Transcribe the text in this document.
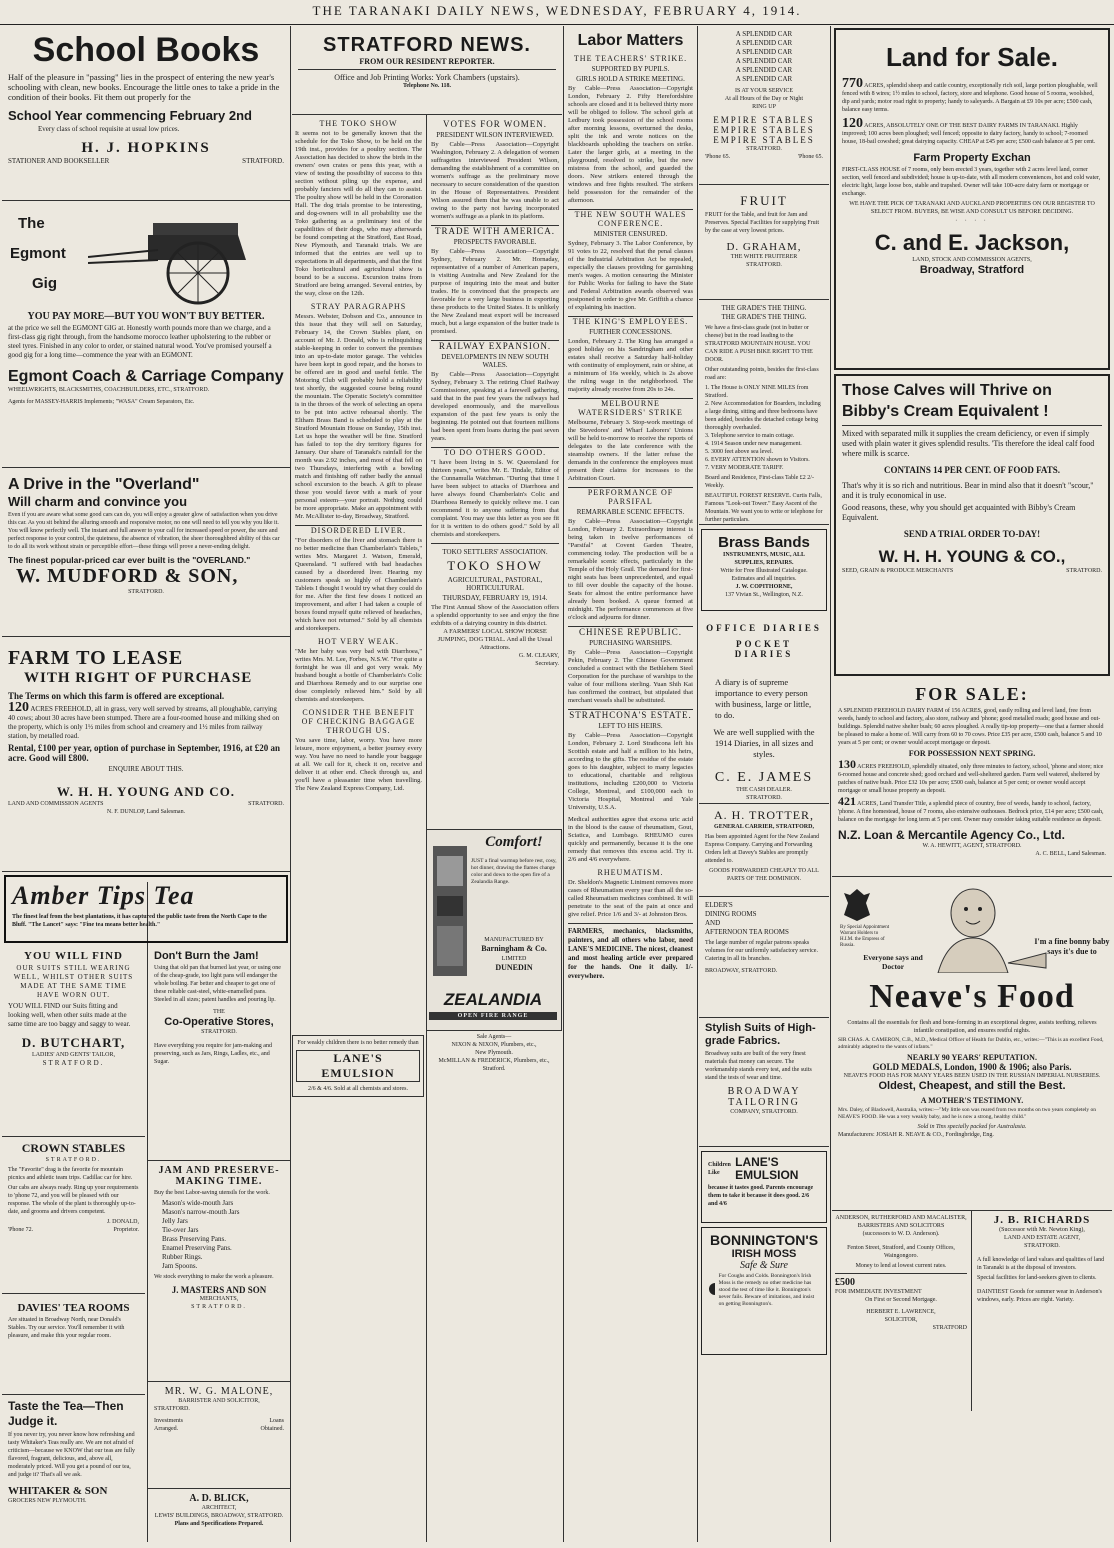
THE TARANAKI DAILY NEWS, WEDNESDAY, FEBRUARY 4, 1914.
School Books

Half of the pleasure in "passing" lies in the prospect of entering the new year's schooling with clean, new books. Encourage the little ones to take a pride in the condition of their books. Fit them out properly for the

School Year commencing February 2nd

Every class of school requisite at usual low prices.

H. J. HOPKINS
STATIONER AND BOOKSELLER	STRATFORD.
The
Egmont
Gig
YOU PAY MORE—BUT YOU WON'T BUY BETTER.

at the price we sell the EGMONT GIG at. Honestly worth pounds more than we charge, and a first-class gig right through, from the handsome morocco leather upholstering to the rubber or steel tyres. Finished in any color to order, or stained natural wood. You've promised yourself a good gig for a long time—commence the year with an EGMONT.

Egmont Coach & Carriage Company
WHEELWRIGHTS, BLACKSMITHS, COACHBUILDERS, ETC., STRATFORD.

Agents for MASSEY-HARRIS Implements; "WASA" Cream Separators, Etc.

A Drive in the "Overland"
Will charm and convince you

Even if you are aware what some good cars can do, you will enjoy a greater glow of satisfaction when you drive this car. As you sit behind the alluring smooth and responsive motor, no one will need to tell you why you like it. You will know perfectly well. The instant and full answer to your call for increased speed or power, the sure and perfect response to your control, the quietness, the absence of vibration, the sheer thoroughbred ability of this car to do all its work without strain or perceptible effort—these things will prove a never-ending delight.

The finest popular-priced car ever built is the "OVERLAND."
W. MUDFORD & SON,
STRATFORD.
FARM TO LEASE
WITH RIGHT OF PURCHASE
The Terms on which this farm is offered are exceptional.

120 ACRES FREEHOLD, all in grass, very well served by streams, all ploughable, carrying 40 cows; about 30 acres have been stumped. There are a four-roomed house and milking shed on the property, which is only 1½ miles from school and creamery and 1½ miles from railway station, by metalled road.

Rental, £100 per year, option of purchase in September, 1916, at £20 an acre. Good will £800.
ENQUIRE ABOUT THIS.
W. H. H. YOUNG AND CO.
LAND AND COMMISSION AGENTS	STRATFORD.
N. F. DUNLOP, Land Salesman.
Amber Tips Tea

The finest leaf from the best plantations, it has captured the public taste from the North Cape to the Bluff. "The Lancet" says: "Fine tea means better health."

YOU WILL FIND

OUR SUITS STILL WEARING WELL, WHILST OTHER SUITS MADE AT THE SAME TIME HAVE WORN OUT.

YOU WILL FIND our Suits fitting and looking well, when other suits made at the same time are too baggy and saggy to wear.

D. BUTCHART,
LADIES' AND GENTS' TAILOR,
STRATFORD.
CROWN STABLES
STRATFORD.

The "Favorite" drag is the favorite for mountain picnics and athletic team trips. Cadillac car for hire.

Our cabs are always ready. Ring up your requirements to 'phone 72, and you will be pleased with our response. The whole of the plant is thoroughly up-to-date, and grooms and drivers competent.

J. DONALD,
'Phone 72.	Proprietor.
DAVIES' TEA ROOMS

Are situated in Broadway North, near Donald's Stables. Try our service. You'll remember it with pleasure, and make this your regular room.

Taste the Tea—Then Judge it.

If you never try, you never know how refreshing and tasty Whitaker's Teas really are. We are not afraid of criticism—because we KNOW that our teas are fully flavored, fragrant, delicious, and, above all, moderately priced. Will you get a pound of our tea, and judge it? That's all we ask.

WHITAKER & SON
GROCERS NEW PLYMOUTH.
Don't Burn the Jam!

Using that old pan that burned last year, or using one of the cheap-grade, too light pans will endanger the whole boiling. Far better and cheaper to get one of these reliable cast-steel, white-enamelled pans. Steeled in all sizes; patent handles and pouring lip.

THE
Co-Operative Stores,
STRATFORD.

Have everything you require for jam-making and preserving, such as Jars, Rings, Ladles, etc., and Sugar.

JAM AND PRESERVE-MAKING TIME.

Buy the best Labor-saving utensils for the work.

Mason's wide-mouth Jars
Mason's narrow-mouth Jars
Jelly Jars
Tie-over Jars
Brass Preserving Pans.
Enamel Preserving Pans.
Rubber Rings.
Jam Spoons.

We stock everything to make the work a pleasure.

J. MASTERS AND SON
MERCHANTS,
STRATFORD.
MR. W. G. MALONE,
BARRISTER AND SOLICITOR,
STRATFORD.
Investments	Loans
Arranged.	Obtained.
A. D. BLICK,
ARCHITECT,
LEWIS' BUILDINGS, BROADWAY, STRATFORD.
Plans and Specifications Prepared.
STRATFORD NEWS.
FROM OUR RESIDENT REPORTER.
Office and Job Printing Works: York Chambers (upstairs).
Telephone No. 118.
THE TOKO SHOW

It seems not to be generally known that the schedule for the Toko Show, to be held on the 19th inst., provides for a poultry section. The Association has decided to show the birds in the owners' own crates or pens this year, with a view of testing the possibility of success to this section without piling up the expense, and probably fanciers will do all they can to assist. The poultry show will be held in the Coronation Hall. The dog trials promise to be interesting, and dog-owners will in all probability use the Toko gathering as a preliminary test of the capabilities of their dogs, who may afterwards be found competing at the Stratford, East Road, New Plymouth, and Taranaki trials. We are informed that the entries are well up to expectations in all departments, and that the first Toko horticultural and agricultural show is bound to be a success. Excursion trains from Stratford are being arranged. Several entries, by the way, close on the 12th.

STRAY PARAGRAPHS

Messrs. Webster, Dobson and Co., announce in this issue that they will sell on Saturday, February 14, the Crown Stables plant, on account of Mr. J. Donald, who is relinquishing stable-keeping in order to convert the premises into an up-to-date motor garage. The vehicles have been kept in good repair, and the horses to be offered are in good and useful fettle. The Motoring Club will probably hold a reliability test shortly, the suggested course being round the mountain. The Operatic Society's committee is in the throes of the work of selecting an opera to be put into active rehearsal shortly. The Eltham Brass Band is scheduled to play at the Stratford Mountain House on Sunday, 15th inst. Let us hope the weather will be fine. Stratford has failed to top the dry territory figures for January. Our share of Taranaki's rainfall for the month was 2.92 inches, and most of that fell on two Thursdays, interfering with a bowling match and finishing off rather badly the annual school excursion to the beach. A gift to please those you would favor with a mark of your personal esteem—your portrait. Nothing could be more appropriate. Make an appointment with Mr. McAllister to-day, Broadway, Stratford.

DISORDERED LIVER.

"For disorders of the liver and stomach there is no better medicine than Chamberlain's Tablets," writes Mrs. Margaret J. Watson, Emerald, Queensland. "I suffered with bad headaches caused by a disordered liver. Hearing my customers speak so highly of Chamberlain's Tablets I thought I would try what they could do for me. After the first few doses I noticed an improvement, and after I had taken a couple of boxes found myself quite relieved of headaches, which have not returned." Sold by all chemists and storekeepers.

HOT VERY WEAK.

"Me her baby was very bad with Diarrhoea," writes Mrs. M. Lee, Forbes, N.S.W. "For quite a fortnight he was ill and got very weak. My husband bought a bottle of Chamberlain's Colic and Diarrhoea Remedy and to our surprise one dose completely relieved him." Sold by all chemists and storekeepers.

CONSIDER THE BENEFIT OF CHECKING BAGGAGE THROUGH US.

You save time, labor, worry. You have more leisure, more enjoyment, a better journey every way. You have no need to handle your baggage at all. We call for it, check it on, receive and deliver it at other end. Check through us, and you'll have a pleasanter time when travelling. The New Zealand Express Company, Ltd.

VOTES FOR WOMEN.
PRESIDENT WILSON INTERVIEWED.

By Cable—Press Association—Copyright Washington, February 2. A delegation of women suffragettes interviewed President Wilson, demanding the establishment of a committee on women's suffrage as the preliminary move necessary to secure consideration of the question in the House of Representatives. President Wilson assured them that he was unable to act owing to the party not having incorporated women's suffrage as a plank in its platform.

TRADE WITH AMERICA.
PROSPECTS FAVORABLE.

By Cable—Press Association—Copyright Sydney, February 2. Mr. Hornaday, representative of a number of American papers, is visiting Australia and New Zealand for the purpose of inquiring into the meat and butter trades. He is convinced that the prospects are favorable for a very large business in exporting these products to the United States. It is unlikely the New Zealand meat export will be increased much, but a large expansion of the butter trade is promised.

RAILWAY EXPANSION.
DEVELOPMENTS IN NEW SOUTH WALES.

By Cable—Press Association—Copyright Sydney, February 3. The retiring Chief Railway Commissioner, speaking at a farewell gathering, said that in the past few years the railways had developed enormously, and the marvellous expansion of the past few years is only the beginning. He pointed out that fourteen millions had been spent from loans during the past seven years.

TO DO OTHERS GOOD.

"I have been living in S. W. Queensland for thirteen years," writes Mr. E. Tindale, Editor of the Cunnamulla Watchman. "During that time I have been subject to attacks of Diarrhoea and have always found Chamberlain's Colic and Diarrhoea Remedy to quickly relieve me. I can recommend it to anyone suffering from that complaint. You may use this letter as you see fit for it is written to do others good." Sold by all chemists and storekeepers.

TOKO SETTLERS' ASSOCIATION.
TOKO SHOW
AGRICULTURAL, PASTORAL, HORTICULTURAL
THURSDAY, FEBRUARY 19, 1914.

The First Annual Show of the Association offers a splendid opportunity to see and enjoy the fine exhibits of a dairying country in this district.

A FARMERS' LOCAL SHOW HORSE JUMPING, DOG TRIAL. And all the Usual Attractions.

G. M. CLEARY,
Secretary.
Comfort!

JUST a final warmup before rest, cosy, hot dinner, drawing the flames change color and down to the open fire of a Zealandia Range.

MANUFACTURED BY
Barningham & Co.
LIMITED
DUNEDIN
ZEALANDIA
OPEN FIRE RANGE
Sale Agents—
NIXON & NIXON, Plumbers, etc.,
New Plymouth.
McMILLAN & FREDERICK, Plumbers, etc., Stratford.
For weakly children there is no better remedy than
LANE'S EMULSION
2/6 & 4/6. Sold at all chemists and stores.
Labor Matters
THE TEACHERS' STRIKE.
SUPPORTED BY PUPILS.
GIRLS HOLD A STRIKE MEETING.

By Cable—Press Association—Copyright London, February 2. Fifty Herefordshire schools are closed and it is believed thirty more will be obliged to follow. The school girls at Ledbury took possession of the school rooms after morning lessons, overturned the desks, split the ink and wrote notices on the blackboards upholding the teachers on strike. Later the larger girls, at a meeting in the playground, resolved to strike, but the new mistress from the school, and guarded the doors. New strikers entered through the windows and free fights resulted. The strikers held possession for the remainder of the afternoon.

THE NEW SOUTH WALES CONFERENCE.
MINISTER CENSURED.

Sydney, February 3. The Labor Conference, by 91 votes to 22, resolved that the penal clauses of the Industrial Arbitration Act be repealed, especially the clauses providing for garnishing men's wages. A motion censuring the Minister for Public Works for failing to have the State and Federal Arbitration awards observed was postponed in order to give Mr. Griffith a chance of explaining his inaction.

THE KING'S EMPLOYEES.
FURTHER CONCESSIONS.

London, February 2. The King has arranged a good holiday on his Sandringham and other estates shall receive a Saturday half-holiday with continuity of employment, rain or shine, at a minimum of 16s weekly, which is 2s above the ruling wage in the neighborhood. The majority already receive from 20s to 24s.

MELBOURNE WATERSIDERS' STRIKE

Melbourne, February 3. Stop-work meetings of the Stevedores' and Wharf Laborers' Unions will be held to-morrow to receive the reports of delegates to the late conference with the steamship owners. If the latter refuse the demands in the conference the employees must present their claims for increases to the Arbitration Court.

PERFORMANCE OF PARSIFAL
REMARKABLE SCENIC EFFECTS.

By Cable—Press Association—Copyright London, February 2. Extraordinary interest is being taken in twelve performances of "Parsifal" at Covent Garden Theatre, commencing today. The production will be a remarkable scenic effects, particularly in the Temple of the Holy Grail. The demand for first-night seats has been unprecedented, and equal to fill over double the capacity of the house. Seats for almost the entire performance have already been booked. A queue formed at midnight. The performance commences at five o'clock and adjourns for dinner.

CHINESE REPUBLIC.
PURCHASING WARSHIPS.

By Cable—Press Association—Copyright Pekin, February 2. The Chinese Government concluded a contract with the Bethlehem Steel Corporation for the purchase of warships to the value of four millions sterling. Yuan Shih Kai has confirmed the contract, but stipulated that merchant vessels shall be substituted.

STRATHCONA'S ESTATE.
LEFT TO HIS HEIRS.

By Cable—Press Association—Copyright London, February 2. Lord Strathcona left his Scottish estate and half a million to his heirs, according to the gifts. The residue of the estate goes to his daughter, subject to many legacies to educational, charitable and religious institutions, including £200,000 to Victoria College, Montreal, and £100,000 each to Victoria Hospital, Montreal and Yale University, U.S.A.

Medical authorities agree that excess uric acid in the blood is the cause of rheumatism, Gout, Sciatica, and Lumbago. RHEUMO cures quickly and permanently, because it is the one remedy that removes this excess acid. Try it. 2/6 and 4/6 everywhere.

RHEUMATISM.

Dr. Sheldon's Magnetic Liniment removes more cases of Rheumatism every year than all the so-called Rheumatism medicines combined. It will penetrate to the seat of the pain at once and give relief. Price 1/6 and 3/- at Johnston Bros.

FARMERS, mechanics, blacksmiths, painters, and all others who labor, need LANE'S MEDICINE. The nicest, cleanest and most healing article ever prepared for the hands. One it daily. 1/- everywhere.

A SPLENDID CAR
A SPLENDID CAR
A SPLENDID CAR
A SPLENDID CAR
A SPLENDID CAR
A SPLENDID CAR
IS AT YOUR SERVICE
At all Hours of the Day or Night
RING UP
EMPIRE STABLES
EMPIRE STABLES
EMPIRE STABLES
STRATFORD.
'Phone 65.	'Phone 65.
FRUIT

FRUIT for the Table, and fruit for Jam and Preserves. Special Facilities for supplying Fruit by the case at very lowest prices.

D. GRAHAM,
THE WHITE FRUITERER
STRATFORD.
THE GRADE'S THE THING.
THE GRADE'S THE THING.

We have a first-class grade (not in butter or cheese) but in the road leading to the STRATFORD MOUNTAIN HOUSE. YOU CAN RIDE A PUSH BIKE RIGHT TO THE DOOR.

Other outstanding points, besides the first-class road are:

1. The House is ONLY NINE MILES from Stratford.
2. New Accommodation for Boarders, including a large dining, sitting and three bedrooms have been added, besides the detached cottage being thoroughly overhauled.
3. Telephone service to main cottage.
4. 1914 Season under new management.
5. 3000 feet above sea level.
6. EVERY ATTENTION shown to Visitors.
7. VERY MODERATE TARIFF.

Board and Residence, First-class Table £2 2/- Weekly.

BEAUTIFUL FOREST RESERVE. Curtis Falls, Famous "Look-out Tower." Easy Ascent of the Mountain. We want you to write or telephone for further particulars.

Brass Bands
INSTRUMENTS, MUSIC, ALL SUPPLIES, REPAIRS.
Write for Free Illustrated Catalogue. Estimates and all inquiries.
J. W. COPITHORNE,
137 Vivian St., Wellington, N.Z.
OFFICE DIARIES
POCKET DIARIES

A diary is of supreme importance to every person with business, large or little, to do.

We are well supplied with the 1914 Diaries, in all sizes and styles.

C. E. JAMES
THE CASH DEALER.
STRATFORD.
A. H. TROTTER,
GENERAL CARRIER, STRATFORD,

Has been appointed Agent for the New Zealand Express Company. Carrying and Forwarding Orders left at Davey's Stables are promptly attended to.

GOODS FORWARDED CHEAPLY TO ALL PARTS OF THE DOMINION.

ELDER'S
DINING ROOMS
AND
AFTERNOON TEA ROOMS

The large number of regular patrons speaks volumes for our uniformly satisfactory service. Catering in all its branches.

BROADWAY, STRATFORD.
Stylish Suits of High-grade Fabrics.

Broadway suits are built of the very finest materials that money can secure. The workmanship stands every test, and the suits stand the tests of wear and time.

BROADWAY TAILORING
COMPANY, STRATFORD.
Children Like
LANE'S EMULSION

because it tastes good. Parents encourage them to take it because it does good. 2/6 and 4/6

BONNINGTON'S
IRISH MOSS
Safe & Sure

For Coughs and Colds. Bonnington's Irish Moss is the remedy no other medicine has stood the test of time like it. Bonnington's never fails. Beware of imitations, and insist on getting Bonnington's.

Land for Sale.

770 ACRES, splendid sheep and cattle country, exceptionally rich soil, large portion ploughable, well fenced with 8 wires; 1½ miles to school, factory, store and telephone. Good house of 5 rooms, woolshed, dip and yards; motor road right to property; handy to saleyards. A Bargain at £9 10s per acre; £500 cash, balance easy terms.

120 ACRES, ABSOLUTELY ONE OF THE BEST DAIRY FARMS IN TARANAKI. Highly improved; 100 acres been ploughed; well fenced; opposite to dairy factory, handy to school; 7-roomed house, 18-bail cowshed; great dairying capacity. CHEAP at £45 per acre; £500 cash balance at 5 per cent.

Farm Property Exchan

FIRST-CLASS HOUSE of 7 rooms, only been erected 3 years, together with 2 acres level land, corner section, well fenced and subdivided; house is up-to-date, with all modern conveniences, hot and cold water, electric light, large loose box, stable and trapshed. Owner will take 100-acre dairy farm or mortgage or exchange.

WE HAVE THE PICK OF TARANAKI AND AUCKLAND PROPERTIES ON OUR REGISTER TO SELECT FROM. BUYERS, BE WISE AND CONSULT US BEFORE DECIDING.

· · · ·
C. and E. Jackson,
LAND, STOCK AND COMMISSION AGENTS,
Broadway, Stratford
Those Calves will Thrive on Bibby's Cream Equivalent !

Mixed with separated milk it supplies the cream deficiency, or even if simply used with plain water it gives splendid results. 'Tis therefore the ideal calf food where milk is scarce.

CONTAINS 14 PER CENT. OF FOOD FATS.

That's why it is so rich and nutritious. Bear in mind also that it doesn't "scour," and it is truly economical in use.

Good reasons, these, why you should get acquainted with Bibby's Cream Equivalent.

SEND A TRIAL ORDER TO-DAY!
W. H. H. YOUNG & CO.,
SEED, GRAIN & PRODUCE MERCHANTS	STRATFORD.
FOR SALE:

A SPLENDID FREEHOLD DAIRY FARM of 156 ACRES, good, easily rolling and level land, free from weeds, handy to school and factory, also store, railway and 'phone; good metalled roads; good house and out-buildings. Splendid native shelter bush; 60 acres ploughed. A really tip-top property—one that a farmer should be pleased to make a home of. Will carry from 60 to 70 cows. Price £35 per acre, £500 cash, balance 5 and 10 years at 5 per cent; or owner would accept mortgage or deposit.

FOR POSSESSION NEXT SPRING.

130 ACRES FREEHOLD, splendidly situated, only three minutes to factory, school, 'phone and store; nice 6-roomed house and concrete shed; good orchard and well-sheltered garden. Farm well watered, sheltered by patches of native bush. Price £32 10s per acre; £500 cash, balance at 5 per cent; or owner would accept mortgage or small house property as deposit.

421 ACRES, Land Transfer Title, a splendid piece of country, free of weeds, handy to school, factory, 'phone. A fine homestead, house of 7 rooms, also extensive outhouses. Bedrock price, £14 per acre; £500 cash, balance on the mortgage for long term at 5 per cent. Owner may consider taking suitable residence as deposit.

N.Z. Loan & Mercantile Agency Co., Ltd.
W. A. HEWITT, AGENT, STRATFORD.
A. C. BELL, Land Salesman.
By Special Appointment Warrant Holders to H.I.M. the Empress of Russia.
Everyone says and Doctor
I'm a fine bonny baby says it's due to
Neave's Food

Contains all the essentials for flesh and bone-forming in an exceptional degree, assists teething, relieves infantile constipation, and ensures restful nights.

SIR CHAS. A. CAMERON, C.B., M.D., Medical Officer of Health for Dublin, etc., writes:—"This is an excellent Food, admirably adapted to the wants of infants."

NEARLY 90 YEARS' REPUTATION.
GOLD MEDALS, London, 1900 & 1906; also Paris.
NEAVE'S FOOD HAS FOR MANY YEARS BEEN USED IN THE RUSSIAN IMPERIAL NURSERIES.
Oldest, Cheapest, and still the Best.
A MOTHER'S TESTIMONY.

Mrs. Daley, of Blackwell, Australia, writes:—"My little son was reared from two months on two years completely on NEAVE'S FOOD. He was a very weakly baby, and he is now a strong, healthy child."

Sold in Tins specially packed for Australasia.
Manufacturers: JOSIAH R. NEAVE & CO., Fordingbridge, Eng.
ANDERSON, RUTHERFORD AND MACALISTER,
BARRISTERS AND SOLICITORS
(successors to W. D. Anderson).

Fenton Street, Stratford, and County Offices, Waingongoro.

Money to lend at lowest current rates.

£500
FOR IMMEDIATE INVESTMENT
On First or Second Mortgage.
HERBERT E. LAWRENCE,
SOLICITOR,
STRATFORD
J. B. RICHARDS
(Successor with Mr. Newton King),
LAND AND ESTATE AGENT,
STRATFORD.

A full knowledge of land values and qualities of land in Taranaki is at the disposal of investors.

Special facilities for land-seekers given to clients.

DAINTIEST Goods for summer wear in Anderson's windows, early. Prices are right. Variety.
